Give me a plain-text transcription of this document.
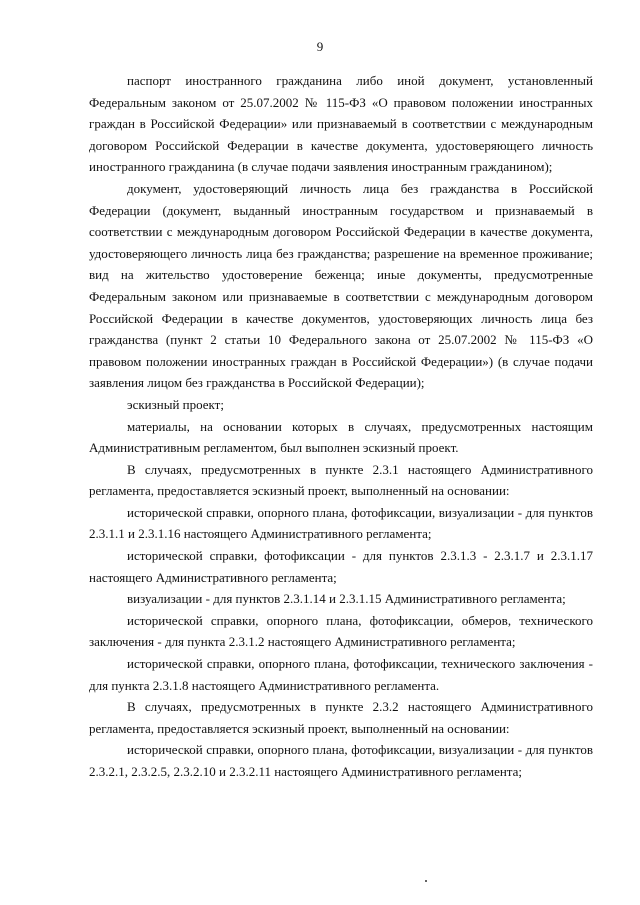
9

паспорт иностранного гражданина либо иной документ, установленный Федеральным законом от 25.07.2002 № 115-ФЗ «О правовом положении иностранных граждан в Российской Федерации» или признаваемый в соответствии с международным договором Российской Федерации в качестве документа, удостоверяющего личность иностранного гражданина (в случае подачи заявления иностранным гражданином);

документ, удостоверяющий личность лица без гражданства в Российской Федерации (документ, выданный иностранным государством и признаваемый в соответствии с международным договором Российской Федерации в качестве документа, удостоверяющего личность лица без гражданства; разрешение на временное проживание; вид на жительство удостоверение беженца; иные документы, предусмотренные Федеральным законом или признаваемые в соответствии с международным договором Российской Федерации в качестве документов, удостоверяющих личность лица без гражданства (пункт 2 статьи 10 Федерального закона от 25.07.2002 № 115-ФЗ «О правовом положении иностранных граждан в Российской Федерации») (в случае подачи заявления лицом без гражданства в Российской Федерации);

эскизный проект;

материалы, на основании которых в случаях, предусмотренных настоящим Административным регламентом, был выполнен эскизный проект.

В случаях, предусмотренных в пункте 2.3.1 настоящего Административного регламента, предоставляется эскизный проект, выполненный на основании:

исторической справки, опорного плана, фотофиксации, визуализации - для пунктов 2.3.1.1 и 2.3.1.16 настоящего Административного регламента;

исторической справки, фотофиксации - для пунктов 2.3.1.3 - 2.3.1.7 и 2.3.1.17 настоящего Административного регламента;

визуализации - для пунктов 2.3.1.14 и 2.3.1.15 Административного регламента;

исторической справки, опорного плана, фотофиксации, обмеров, технического заключения - для пункта 2.3.1.2 настоящего Административного регламента;

исторической справки, опорного плана, фотофиксации, технического заключения - для пункта 2.3.1.8 настоящего Административного регламента.

В случаях, предусмотренных в пункте 2.3.2 настоящего Административного регламента, предоставляется эскизный проект, выполненный на основании:

исторической справки, опорного плана, фотофиксации, визуализации - для пунктов 2.3.2.1, 2.3.2.5, 2.3.2.10 и 2.3.2.11 настоящего Административного регламента;
